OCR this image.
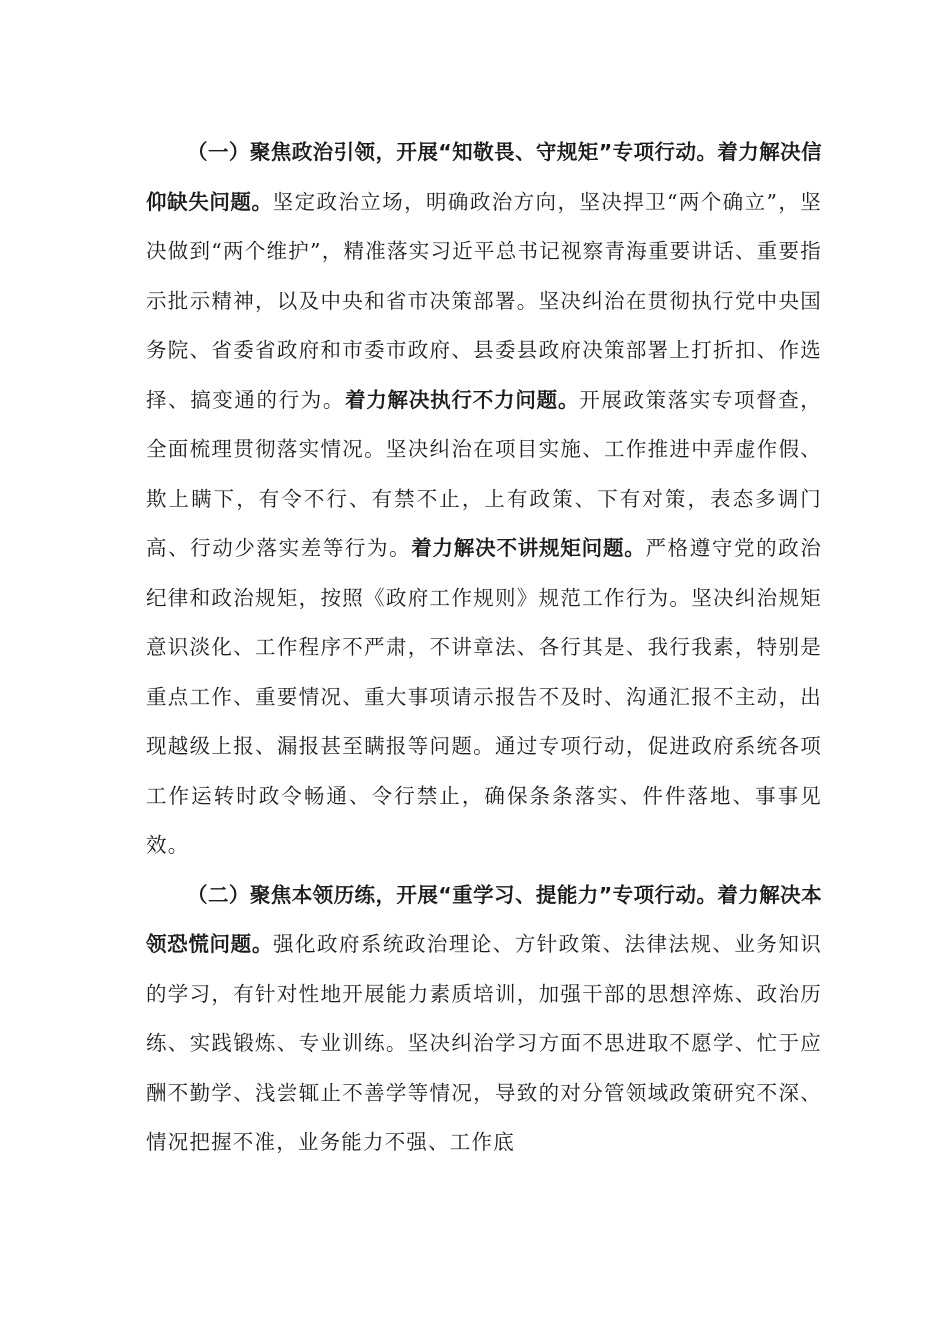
（一）聚焦政治引领，开展“知敬畏、守规矩”专项行动。着力解决信仰缺失问题。坚定政治立场，明确政治方向，坚决捍卫“两个确立”，坚决做到“两个维护”，精准落实习近平总书记视察青海重要讲话、重要指示批示精神，以及中央和省市决策部署。坚决纠治在贯彻执行党中央国务院、省委省政府和市委市政府、县委县政府决策部署上打折扣、作选择、搞变通的行为。着力解决执行不力问题。开展政策落实专项督查，全面梳理贯彻落实情况。坚决纠治在项目实施、工作推进中弄虚作假、欺上瞒下，有令不行、有禁不止，上有政策、下有对策，表态多调门高、行动少落实差等行为。着力解决不讲规矩问题。严格遵守党的政治纪律和政治规矩，按照《政府工作规则》规范工作行为。坚决纠治规矩意识淡化、工作程序不严肃，不讲章法、各行其是、我行我素，特别是重点工作、重要情况、重大事项请示报告不及时、沟通汇报不主动，出现越级上报、漏报甚至瞒报等问题。通过专项行动，促进政府系统各项工作运转时政令畅通、令行禁止，确保条条落实、件件落地、事事见效。

（二）聚焦本领历练，开展“重学习、提能力”专项行动。着力解决本领恐慌问题。强化政府系统政治理论、方针政策、法律法规、业务知识的学习，有针对性地开展能力素质培训，加强干部的思想淬炼、政治历练、实践锻炼、专业训练。坚决纠治学习方面不思进取不愿学、忙于应酬不勤学、浅尝辄止不善学等情况，导致的对分管领域政策研究不深、情况把握不准，业务能力不强、工作底
